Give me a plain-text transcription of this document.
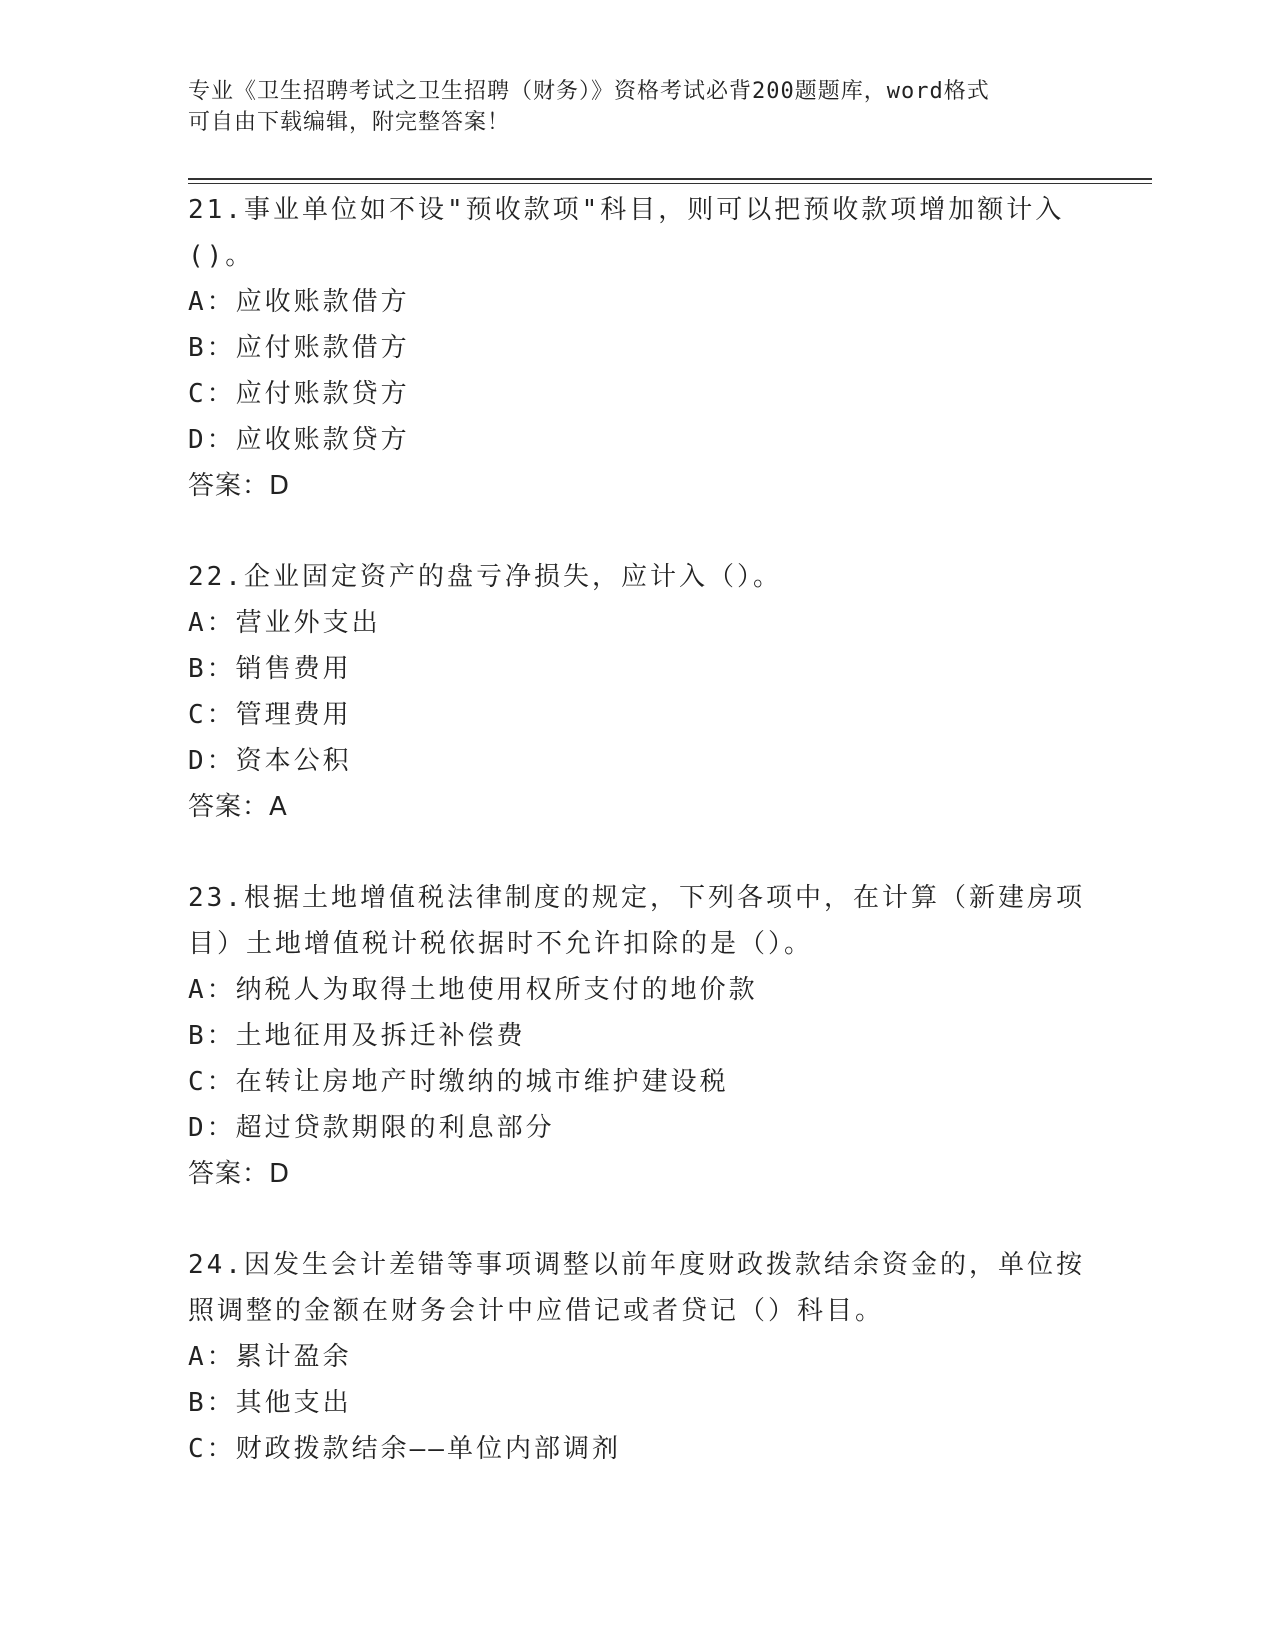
专业《卫生招聘考试之卫生招聘（财务）》资格考试必背200题题库，word格式
可自由下载编辑，附完整答案！
21.事业单位如不设"预收款项"科目，则可以把预收款项增加额计入()。
A：应收账款借方
B：应付账款借方
C：应付账款贷方
D：应收账款贷方
答案：D
22.企业固定资产的盘亏净损失，应计入（）。
A：营业外支出
B：销售费用
C：管理费用
D：资本公积
答案：A
23.根据土地增值税法律制度的规定，下列各项中，在计算（新建房项目）土地增值税计税依据时不允许扣除的是（）。
A：纳税人为取得土地使用权所支付的地价款
B：土地征用及拆迁补偿费
C：在转让房地产时缴纳的城市维护建设税
D：超过贷款期限的利息部分
答案：D
24.因发生会计差错等事项调整以前年度财政拨款结余资金的，单位按照调整的金额在财务会计中应借记或者贷记（）科目。
A：累计盈余
B：其他支出
C：财政拨款结余——单位内部调剂
